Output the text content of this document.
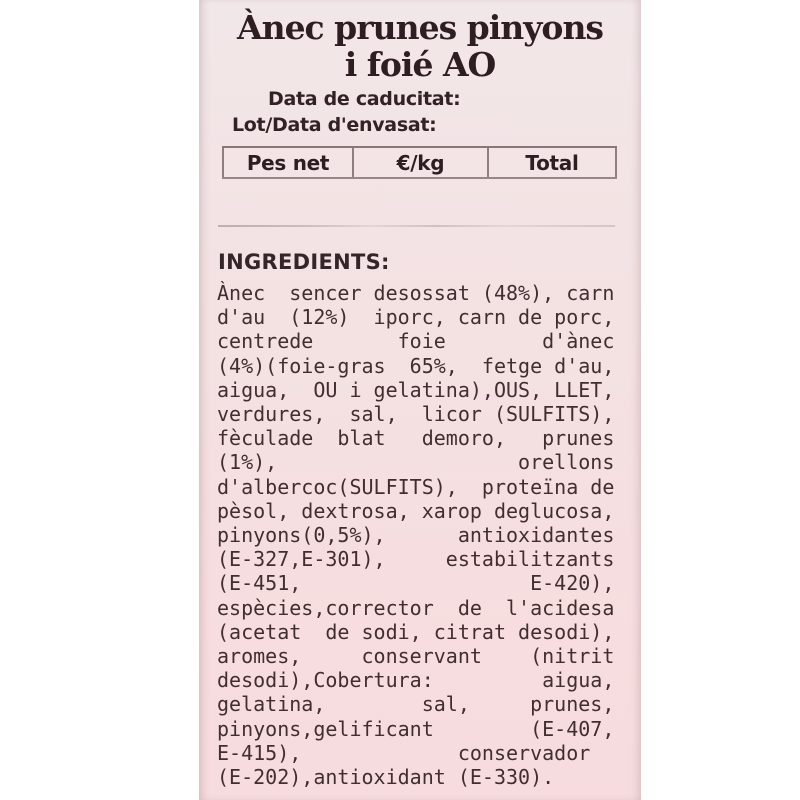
Ànec prunes pinyons
i foié AO
Data de caducitat:
Lot/Data d'envasat:
Pes net	€/kg	Total
INGREDIENTS:
Ànec  sencer desossat (48%), carn
d'au  (12%)  iporc, carn de porc,
centrede       foie        d'ànec
(4%)(foie-gras  65%,  fetge d'au,
aigua,  OU i gelatina),OUS, LLET,
verdures,  sal,  licor (SULFITS),
fèculade  blat   demoro,   prunes
(1%),                    orellons
d'albercoc(SULFITS),  proteïna de
pèsol, dextrosa, xarop deglucosa,
pinyons(0,5%),      antioxidantes
(E-327,E-301),     estabilitzants
(E-451,                   E-420),
espècies,corrector  de  l'acidesa
(acetat  de sodi, citrat desodi),
aromes,     conservant    (nitrit
desodi),Cobertura:         aigua,
gelatina,        sal,     prunes,
pinyons,gelificant        (E-407,
E-415),             conservador
(E-202),antioxidant (E-330).
